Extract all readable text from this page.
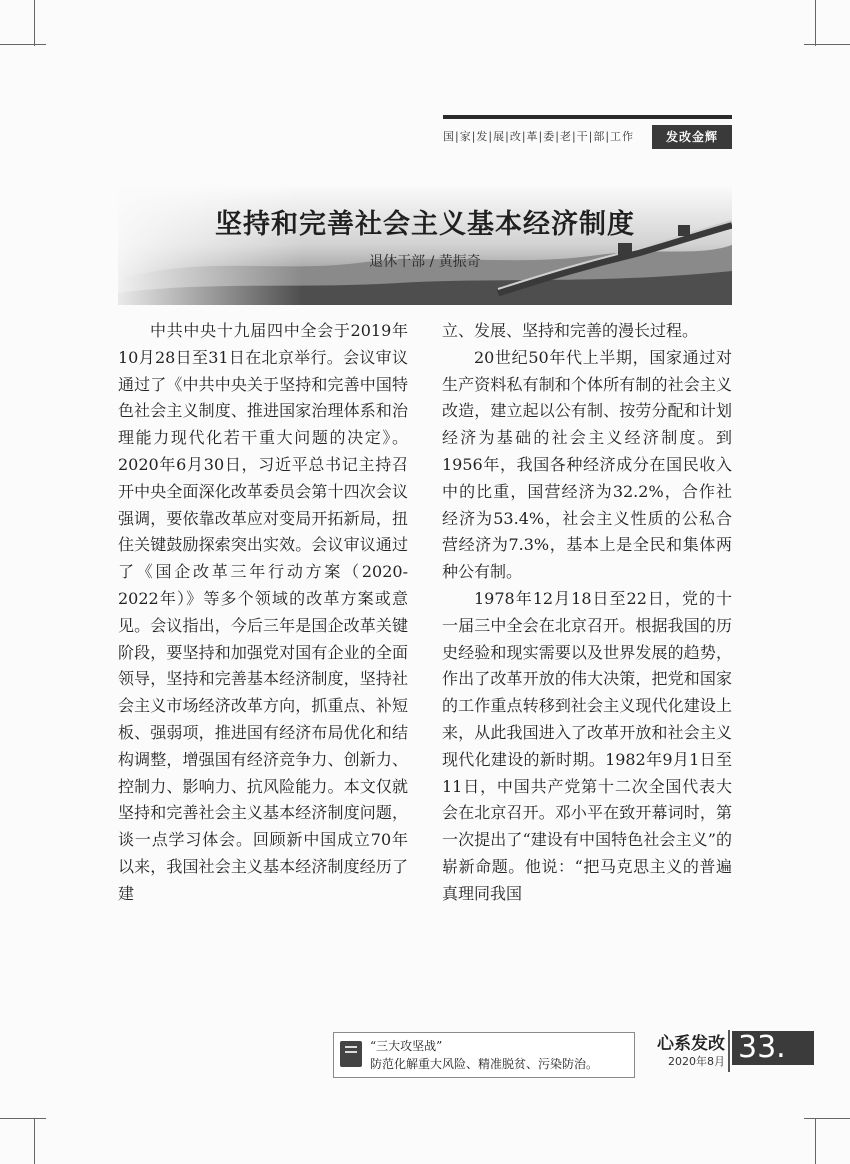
国|家|发|展|改|革|委|老|干|部|工作	发改金辉
坚持和完善社会主义基本经济制度
退休干部 / 黄振奇

中共中央十九届四中全会于2019年10月28日至31日在北京举行。会议审议通过了《中共中央关于坚持和完善中国特色社会主义制度、推进国家治理体系和治理能力现代化若干重大问题的决定》。2020年6月30日，习近平总书记主持召开中央全面深化改革委员会第十四次会议强调，要依靠改革应对变局开拓新局，扭住关键鼓励探索突出实效。会议审议通过了《国企改革三年行动方案（2020-2022年）》等多个领域的改革方案或意见。会议指出，今后三年是国企改革关键阶段，要坚持和加强党对国有企业的全面领导，坚持和完善基本经济制度，坚持社会主义市场经济改革方向，抓重点、补短板、强弱项，推进国有经济布局优化和结构调整，增强国有经济竞争力、创新力、控制力、影响力、抗风险能力。本文仅就坚持和完善社会主义基本经济制度问题，谈一点学习体会。回顾新中国成立70年以来，我国社会主义基本经济制度经历了建

立、发展、坚持和完善的漫长过程。

20世纪50年代上半期，国家通过对生产资料私有制和个体所有制的社会主义改造，建立起以公有制、按劳分配和计划经济为基础的社会主义经济制度。到1956年，我国各种经济成分在国民收入中的比重，国营经济为32.2%，合作社经济为53.4%，社会主义性质的公私合营经济为7.3%，基本上是全民和集体两种公有制。

1978年12月18日至22日，党的十一届三中全会在北京召开。根据我国的历史经验和现实需要以及世界发展的趋势，作出了改革开放的伟大决策，把党和国家的工作重点转移到社会主义现代化建设上来，从此我国进入了改革开放和社会主义现代化建设的新时期。1982年9月1日至11日，中国共产党第十二次全国代表大会在北京召开。邓小平在致开幕词时，第一次提出了“建设有中国特色社会主义”的崭新命题。他说：“把马克思主义的普遍真理同我国

“三大攻坚战”
防范化解重大风险、精准脱贫、污染防治。
心系发改
2020年8月 33.
